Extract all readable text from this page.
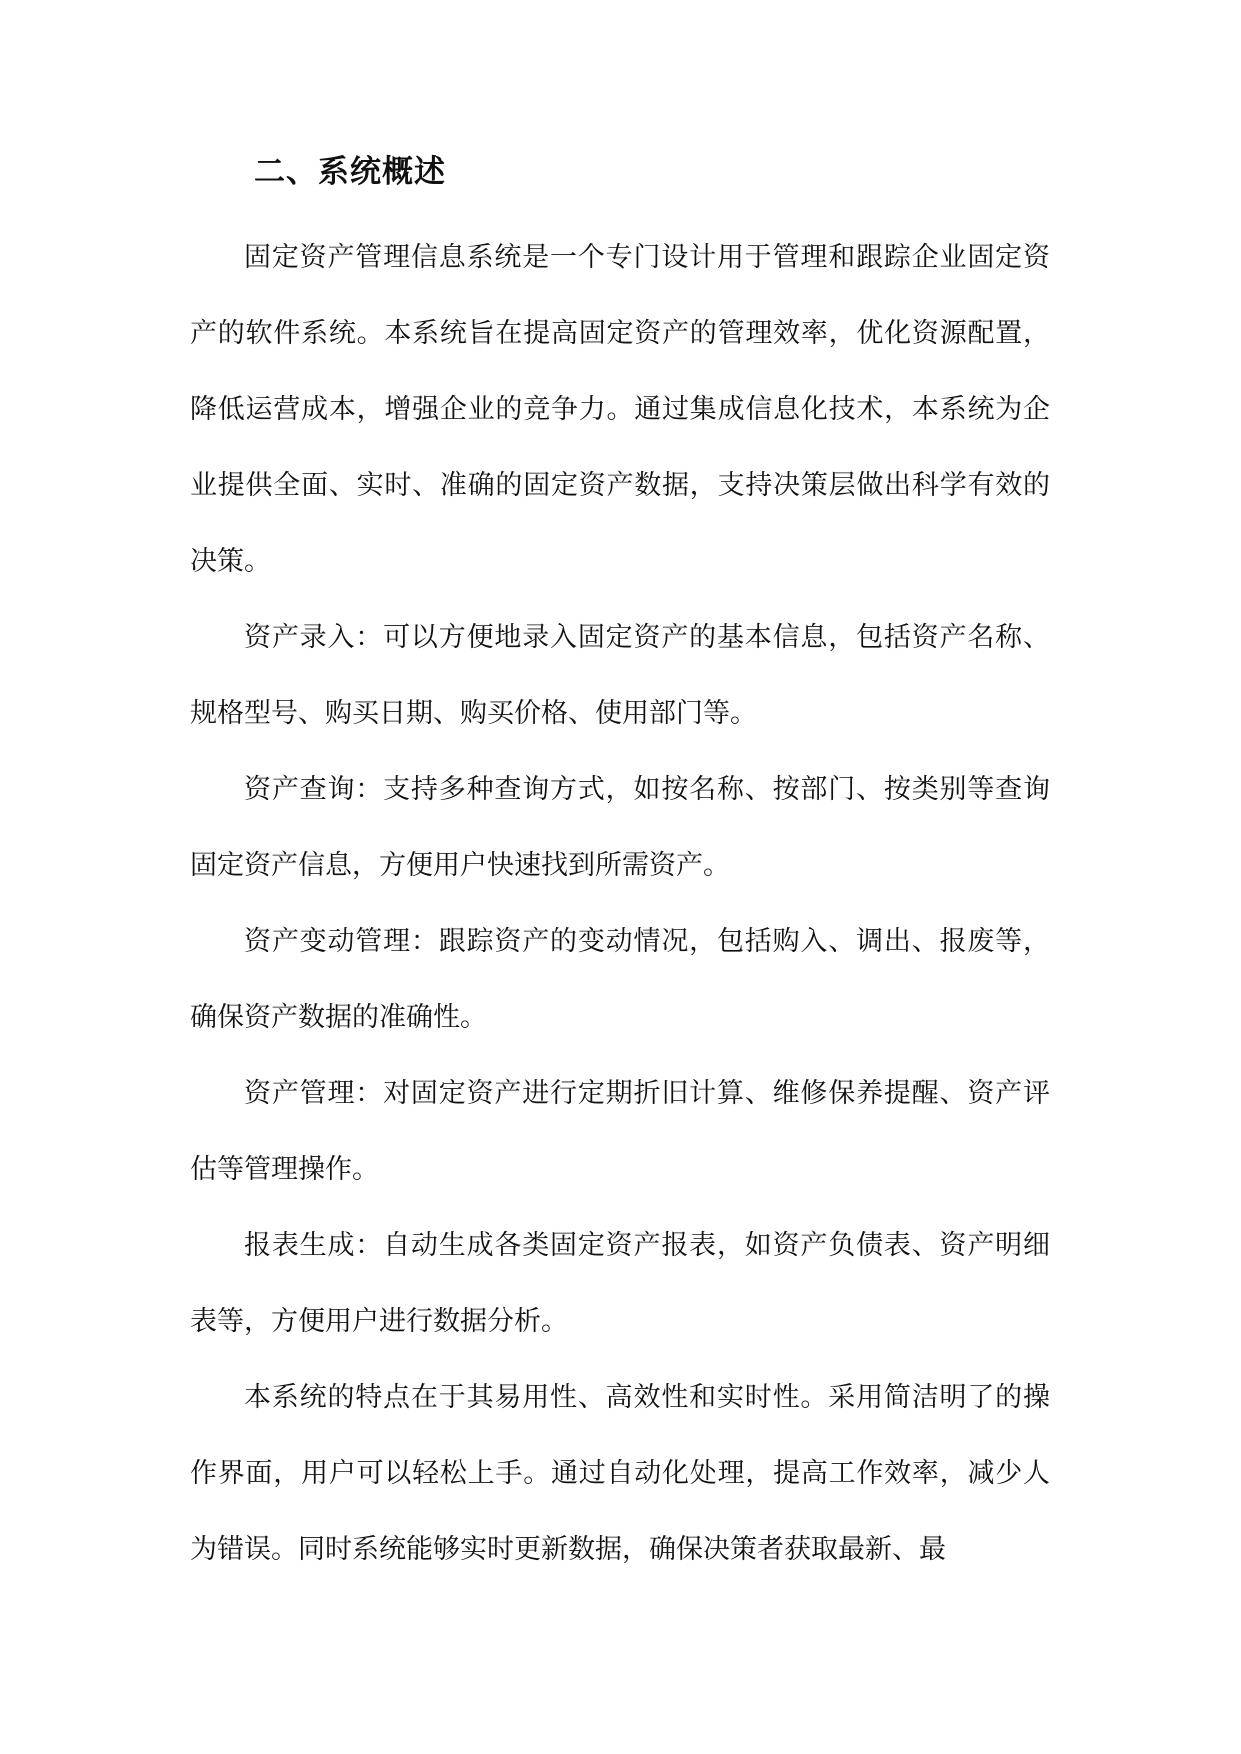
二、系统概述

固定资产管理信息系统是一个专门设计用于管理和跟踪企业固定资产的软件系统。本系统旨在提高固定资产的管理效率，优化资源配置，降低运营成本，增强企业的竞争力。通过集成信息化技术，本系统为企业提供全面、实时、准确的固定资产数据，支持决策层做出科学有效的决策。

资产录入：可以方便地录入固定资产的基本信息，包括资产名称、规格型号、购买日期、购买价格、使用部门等。

资产查询：支持多种查询方式，如按名称、按部门、按类别等查询固定资产信息，方便用户快速找到所需资产。

资产变动管理：跟踪资产的变动情况，包括购入、调出、报废等，确保资产数据的准确性。

资产管理：对固定资产进行定期折旧计算、维修保养提醒、资产评估等管理操作。

报表生成：自动生成各类固定资产报表，如资产负债表、资产明细表等，方便用户进行数据分析。

本系统的特点在于其易用性、高效性和实时性。采用简洁明了的操作界面，用户可以轻松上手。通过自动化处理，提高工作效率，减少人为错误。同时系统能够实时更新数据，确保决策者获取最新、最
